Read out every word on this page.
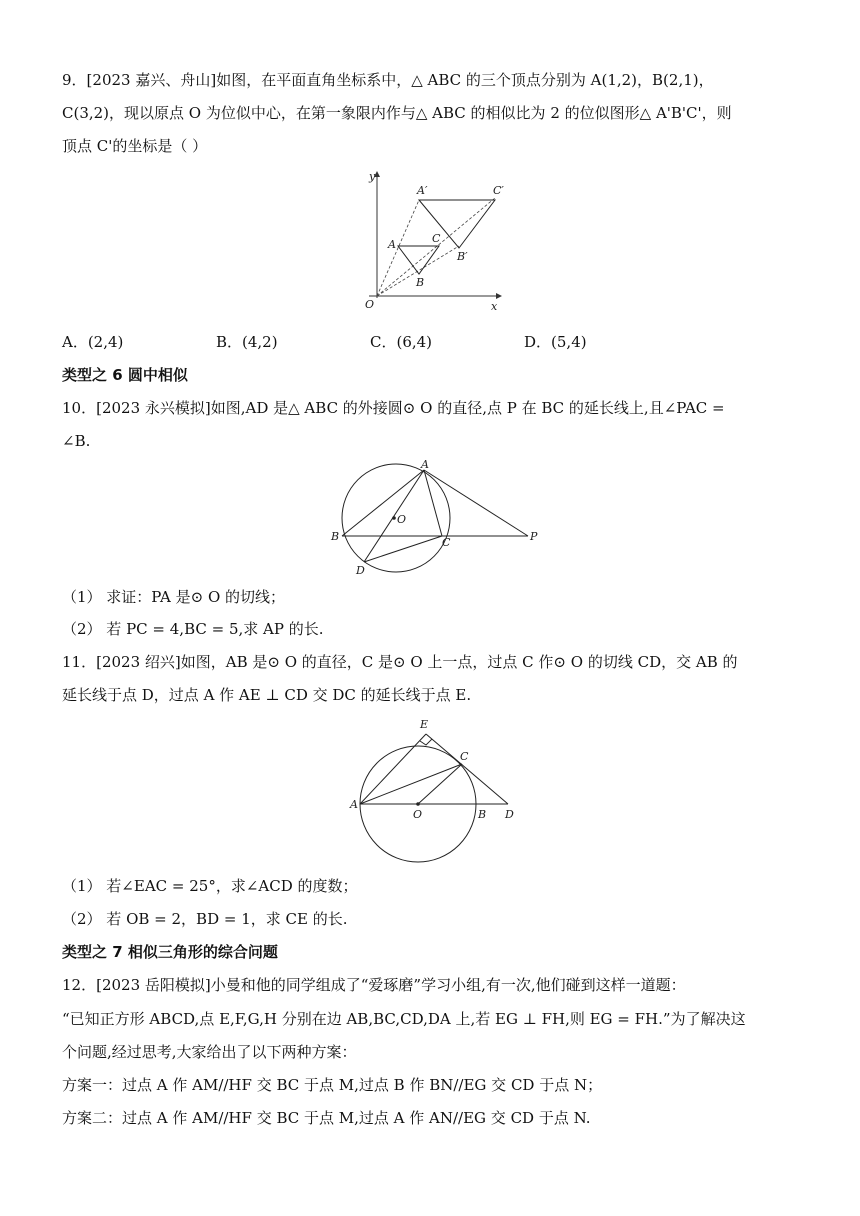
9．[2023 嘉兴、舟山]如图，在平面直角坐标系中，△ ABC 的三个顶点分别为 A(1,2)，B(2,1)，
C(3,2)，现以原点 O 为位似中心，在第一象限内作与△ ABC 的相似比为 2 的位似图形△ A'B'C'，则
顶点 C'的坐标是（ ）
y
x
O
A
B
C
A′
B′
C′
A．(2,4)	B．(4,2)	C．(6,4)	D．(5,4)
类型之 6 圆中相似
10．[2023 永兴模拟]如图,AD 是△ ABC 的外接圆⊙ O 的直径,点 P 在 BC 的延长线上,且∠PAC =
∠B.
A
B	C
D
O
P
（1） 求证：PA 是⊙ O 的切线；
（2） 若 PC = 4,BC = 5,求 AP 的长.
11．[2023 绍兴]如图，AB 是⊙ O 的直径，C 是⊙ O 上一点，过点 C 作⊙ O 的切线 CD，交 AB 的
延长线于点 D，过点 A 作 AE ⊥ CD 交 DC 的延长线于点 E.
E
C
A
O	B D
（1） 若∠EAC = 25°，求∠ACD 的度数；
（2） 若 OB = 2，BD = 1，求 CE 的长.
类型之 7 相似三角形的综合问题
12．[2023 岳阳模拟]小曼和他的同学组成了“爱琢磨”学习小组,有一次,他们碰到这样一道题：
“已知正方形 ABCD,点 E,F,G,H 分别在边 AB,BC,CD,DA 上,若 EG ⊥ FH,则 EG = FH.”为了解决这
个问题,经过思考,大家给出了以下两种方案：
方案一：过点 A 作 AM//HF 交 BC 于点 M,过点 B 作 BN//EG 交 CD 于点 N；
方案二：过点 A 作 AM//HF 交 BC 于点 M,过点 A 作 AN//EG 交 CD 于点 N.
